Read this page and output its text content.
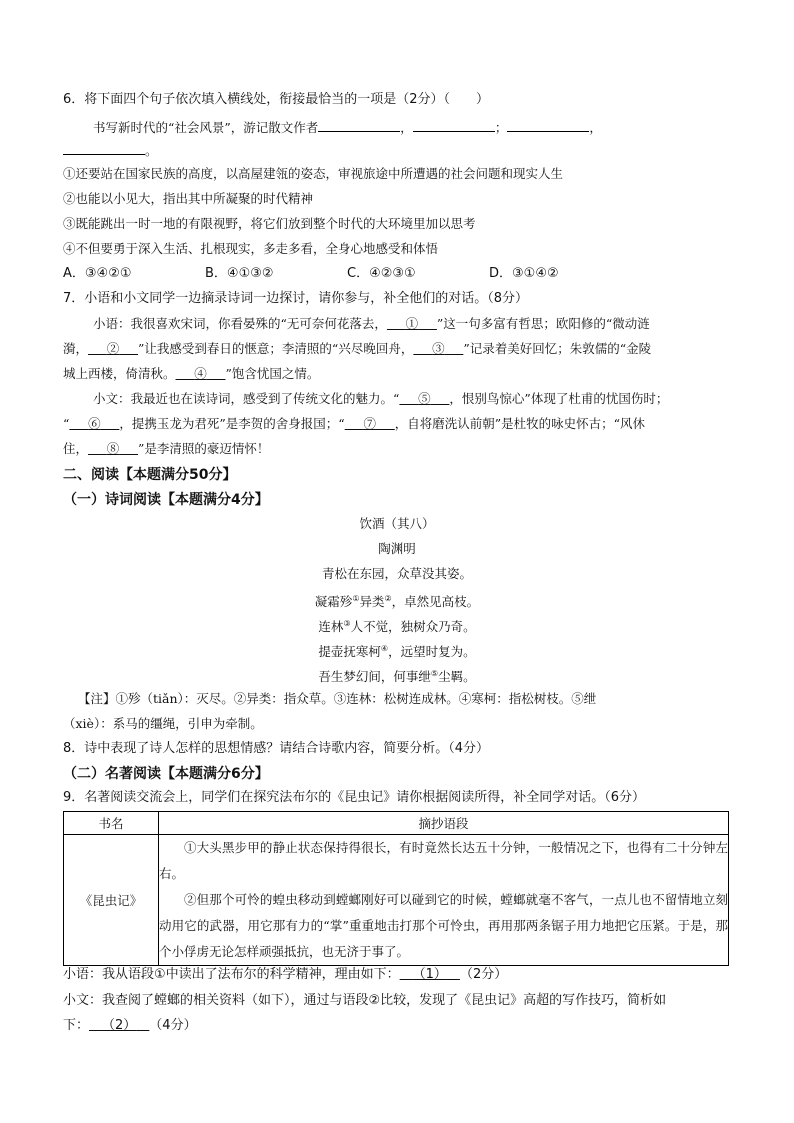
6．将下面四个句子依次填入横线处，衔接最恰当的一项是（2分）（　　）
书写新时代的“社会风景”，游记散文作者	，	；	，
。
①还要站在国家民族的高度，以高屋建瓴的姿态，审视旅途中所遭遇的社会问题和现实人生
②也能以小见大，指出其中所凝聚的时代精神
③既能跳出一时一地的有限视野，将它们放到整个时代的大环境里加以思考
④不但要勇于深入生活、扎根现实，多走多看，全身心地感受和体悟
A．③④②①	B．④①③②	C．④②③①	D．③①④②
7．小语和小文同学一边摘录诗词一边探讨，请你参与，补全他们的对话。（8分）
小语：我很喜欢宋词，你看晏殊的“无可奈何花落去，    ①    ”这一句多富有哲思；欧阳修的“微动涟
漪，    ②    ”让我感受到春日的惬意；李清照的“兴尽晚回舟，    ③    ”记录着美好回忆；朱敦儒的“金陵
城上西楼，倚清秋。    ④    ”饱含忧国之情。
小文：我最近也在读诗词，感受到了传统文化的魅力。“    ⑤    ，恨别鸟惊心”体现了杜甫的忧国伤时；
“    ⑥    ，提携玉龙为君死”是李贺的舍身报国；“    ⑦    ，自将磨洗认前朝”是杜牧的咏史怀古；“风休
住，    ⑧    ”是李清照的豪迈情怀！
二、阅读【本题满分50分】
（一）诗词阅读【本题满分4分】
饮酒（其八）
陶渊明
青松在东园，众草没其姿。
凝霜殄①异类②，卓然见高枝。
连林③人不觉，独树众乃奇。
提壶抚寒柯④，远望时复为。
吾生梦幻间，何事绁⑤尘羁。
【注】①殄（tiǎn）：灭尽。②异类：指众草。③连林：松树连成林。④寒柯：指松树枝。⑤绁
（xiè）：系马的缰绳，引申为牵制。
8．诗中表现了诗人怎样的思想情感？请结合诗歌内容，简要分析。（4分）
（二）名著阅读【本题满分6分】
9．名著阅读交流会上，同学们在探究法布尔的《昆虫记》请你根据阅读所得，补全同学对话。（6分）
书名	摘抄语段
《昆虫记》	①大头黑步甲的静止状态保持得很长，有时竟然长达五十分钟，一般情况之下，也得有二十分钟左右。

②但那个可怜的蝗虫移动到螳螂刚好可以碰到它的时候，螳螂就毫不客气，一点儿也不留情地立刻动用它的武器，用它那有力的“掌”重重地击打那个可怜虫，再用那两条锯子用力地把它压紧。于是，那个小俘虏无论怎样顽强抵抗，也无济于事了。

小语：我从语段①中读出了法布尔的科学精神，理由如下：   （1）   （2分）
小文：我查阅了螳螂的相关资料（如下），通过与语段②比较，发现了《昆虫记》高超的写作技巧，简析如
下：   （2）   （4分）
